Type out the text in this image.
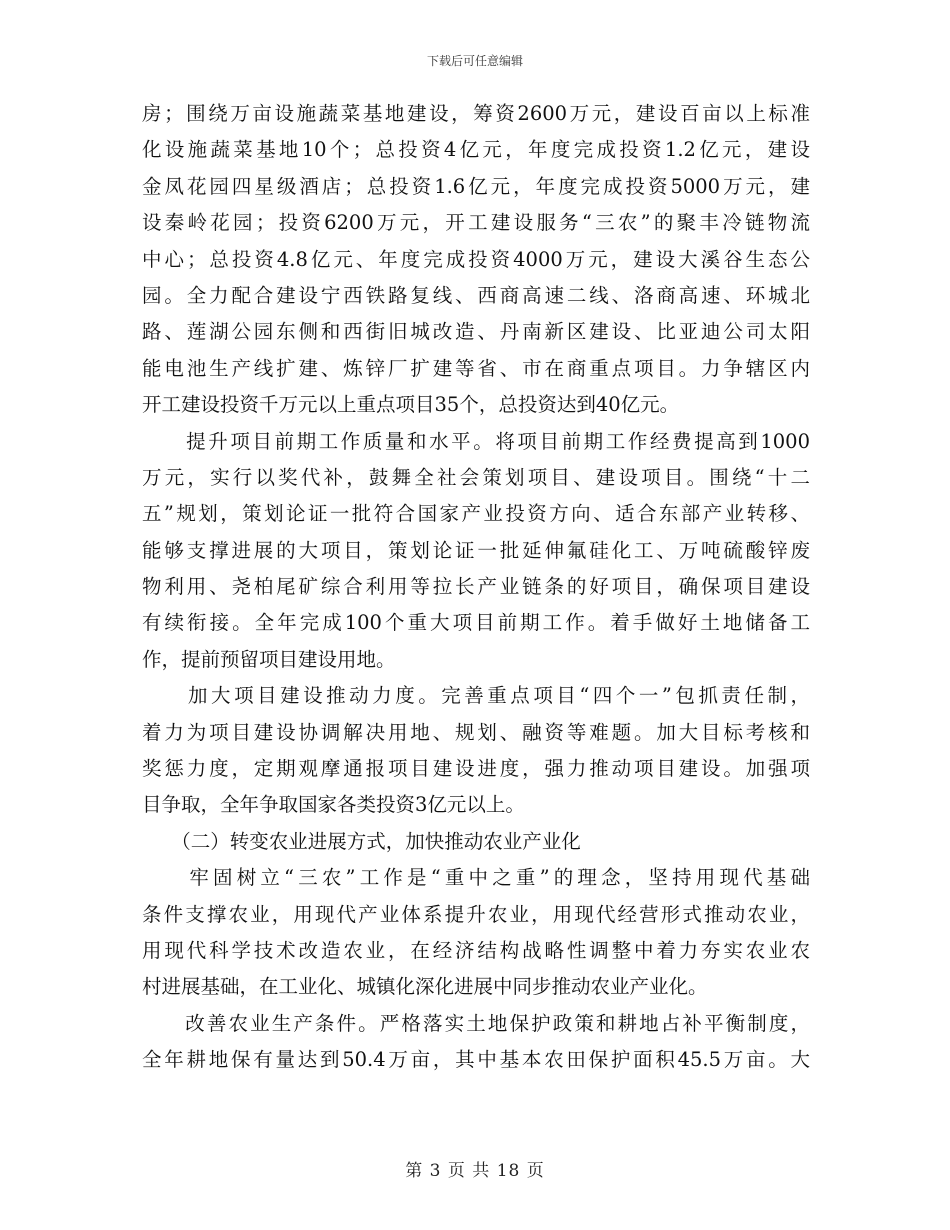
下载后可任意编辑
房；围绕万亩设施蔬菜基地建设，筹资2600万元，建设百亩以上标准
化设施蔬菜基地10个；总投资4亿元，年度完成投资1.2亿元，建设
金凤花园四星级酒店；总投资1.6亿元，年度完成投资5000万元，建
设秦岭花园；投资6200万元，开工建设服务“三农”的聚丰冷链物流
中心；总投资4.8亿元、年度完成投资4000万元，建设大溪谷生态公
园。全力配合建设宁西铁路复线、西商高速二线、洛商高速、环城北
路、莲湖公园东侧和西街旧城改造、丹南新区建设、比亚迪公司太阳
能电池生产线扩建、炼锌厂扩建等省、市在商重点项目。力争辖区内
开工建设投资千万元以上重点项目35个，总投资达到40亿元。
　　提升项目前期工作质量和水平。将项目前期工作经费提高到1000
万元，实行以奖代补，鼓舞全社会策划项目、建设项目。围绕“十二
五”规划，策划论证一批符合国家产业投资方向、适合东部产业转移、
能够支撑进展的大项目，策划论证一批延伸氟硅化工、万吨硫酸锌废
物利用、尧柏尾矿综合利用等拉长产业链条的好项目，确保项目建设
有续衔接。全年完成100个重大项目前期工作。着手做好土地储备工
作，提前预留项目建设用地。
　　加大项目建设推动力度。完善重点项目“四个一”包抓责任制，
着力为项目建设协调解决用地、规划、融资等难题。加大目标考核和
奖惩力度，定期观摩通报项目建设进度，强力推动项目建设。加强项
目争取，全年争取国家各类投资3亿元以上。
　　（二）转变农业进展方式，加快推动农业产业化
　　牢固树立“三农”工作是“重中之重”的理念，坚持用现代基础
条件支撑农业，用现代产业体系提升农业，用现代经营形式推动农业，
用现代科学技术改造农业，在经济结构战略性调整中着力夯实农业农
村进展基础，在工业化、城镇化深化进展中同步推动农业产业化。
　　改善农业生产条件。严格落实土地保护政策和耕地占补平衡制度，
全年耕地保有量达到50.4万亩，其中基本农田保护面积45.5万亩。大
第 3 页 共 18 页
